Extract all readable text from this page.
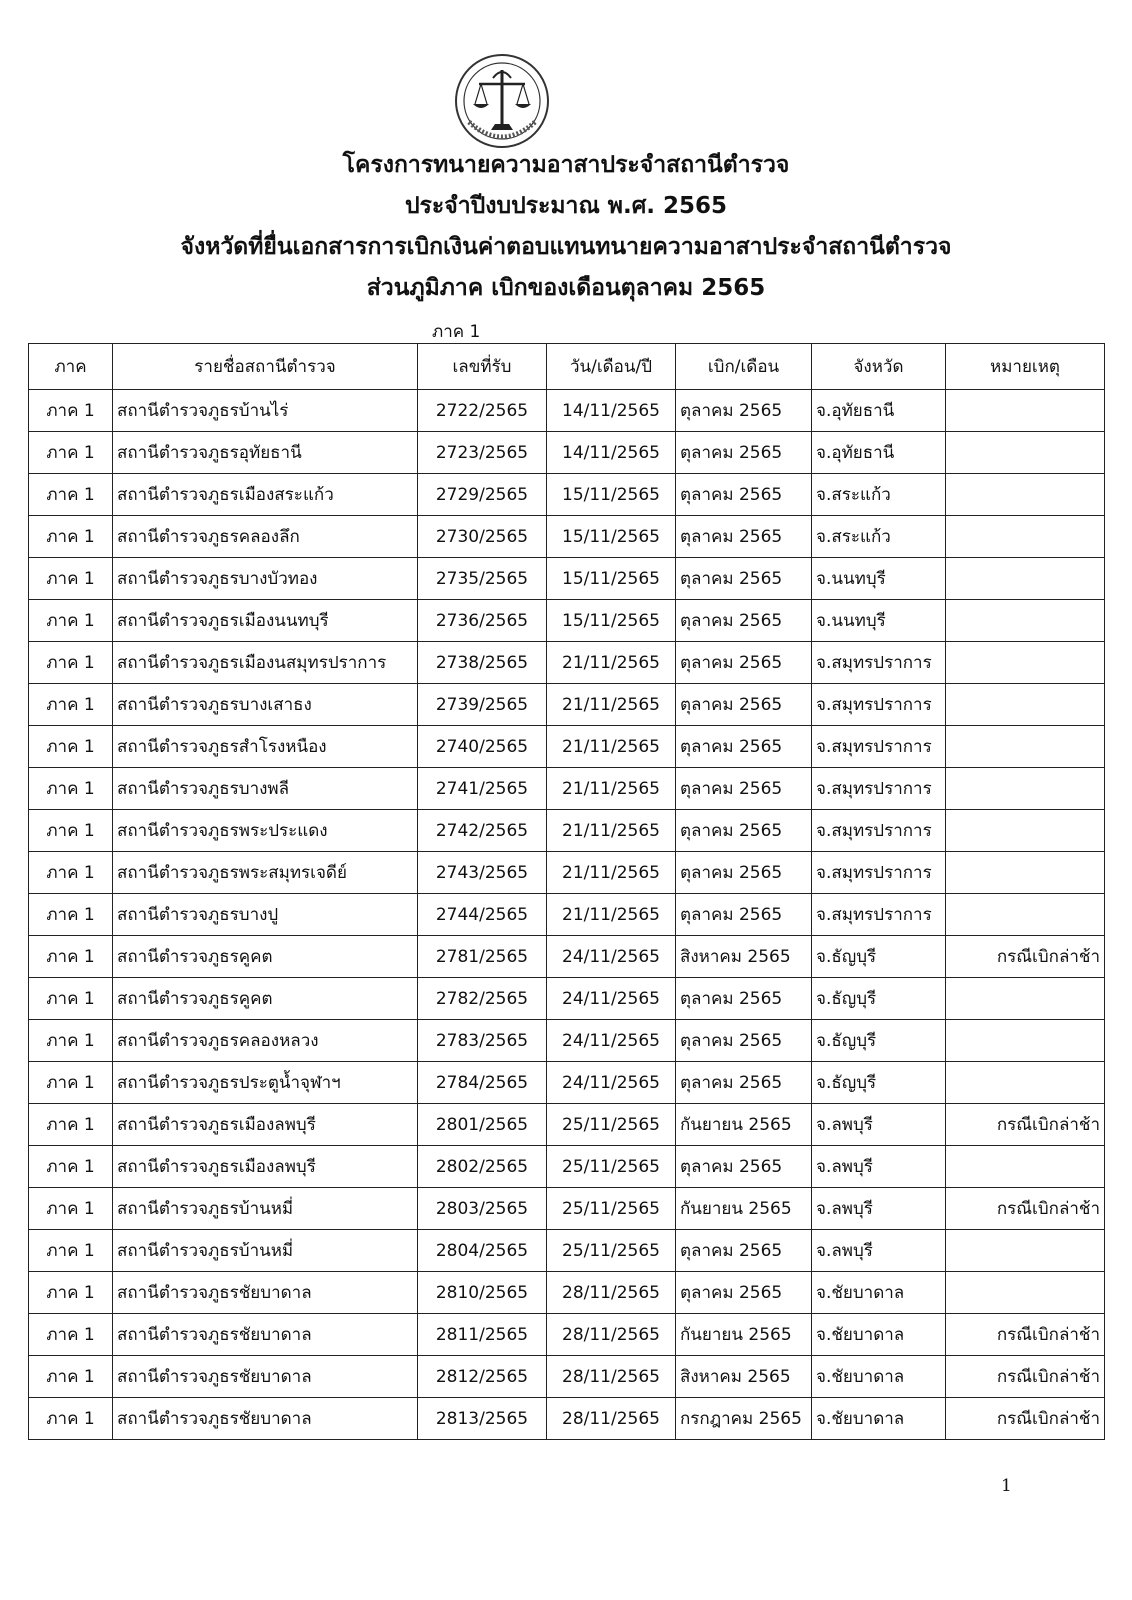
โครงการทนายความอาสาประจำสถานีตำรวจ
ประจำปีงบประมาณ พ.ศ. 2565
จังหวัดที่ยื่นเอกสารการเบิกเงินค่าตอบแทนทนายความอาสาประจำสถานีตำรวจ
ส่วนภูมิภาค เบิกของเดือนตุลาคม 2565
ภาค 1
ภาค	รายชื่อสถานีตำรวจ	เลขที่รับ	วัน/เดือน/ปี	เบิก/เดือน	จังหวัด	หมายเหตุ
ภาค 1	สถานีตำรวจภูธรบ้านไร่	2722/2565	14/11/2565	ตุลาคม 2565	จ.อุทัยธานี	
ภาค 1	สถานีตำรวจภูธรอุทัยธานี	2723/2565	14/11/2565	ตุลาคม 2565	จ.อุทัยธานี	
ภาค 1	สถานีตำรวจภูธรเมืองสระแก้ว	2729/2565	15/11/2565	ตุลาคม 2565	จ.สระแก้ว	
ภาค 1	สถานีตำรวจภูธรคลองลึก	2730/2565	15/11/2565	ตุลาคม 2565	จ.สระแก้ว	
ภาค 1	สถานีตำรวจภูธรบางบัวทอง	2735/2565	15/11/2565	ตุลาคม 2565	จ.นนทบุรี	
ภาค 1	สถานีตำรวจภูธรเมืองนนทบุรี	2736/2565	15/11/2565	ตุลาคม 2565	จ.นนทบุรี	
ภาค 1	สถานีตำรวจภูธรเมืองนสมุทรปราการ	2738/2565	21/11/2565	ตุลาคม 2565	จ.สมุทรปราการ	
ภาค 1	สถานีตำรวจภูธรบางเสาธง	2739/2565	21/11/2565	ตุลาคม 2565	จ.สมุทรปราการ	
ภาค 1	สถานีตำรวจภูธรสำโรงหนือง	2740/2565	21/11/2565	ตุลาคม 2565	จ.สมุทรปราการ	
ภาค 1	สถานีตำรวจภูธรบางพลี	2741/2565	21/11/2565	ตุลาคม 2565	จ.สมุทรปราการ	
ภาค 1	สถานีตำรวจภูธรพระประแดง	2742/2565	21/11/2565	ตุลาคม 2565	จ.สมุทรปราการ	
ภาค 1	สถานีตำรวจภูธรพระสมุทรเจดีย์	2743/2565	21/11/2565	ตุลาคม 2565	จ.สมุทรปราการ	
ภาค 1	สถานีตำรวจภูธรบางปู	2744/2565	21/11/2565	ตุลาคม 2565	จ.สมุทรปราการ	
ภาค 1	สถานีตำรวจภูธรคูคต	2781/2565	24/11/2565	สิงหาคม 2565	จ.ธัญบุรี	กรณีเบิกล่าช้า
ภาค 1	สถานีตำรวจภูธรคูคต	2782/2565	24/11/2565	ตุลาคม 2565	จ.ธัญบุรี	
ภาค 1	สถานีตำรวจภูธรคลองหลวง	2783/2565	24/11/2565	ตุลาคม 2565	จ.ธัญบุรี	
ภาค 1	สถานีตำรวจภูธรประตูน้ำจุฬาฯ	2784/2565	24/11/2565	ตุลาคม 2565	จ.ธัญบุรี	
ภาค 1	สถานีตำรวจภูธรเมืองลพบุรี	2801/2565	25/11/2565	กันยายน 2565	จ.ลพบุรี	กรณีเบิกล่าช้า
ภาค 1	สถานีตำรวจภูธรเมืองลพบุรี	2802/2565	25/11/2565	ตุลาคม 2565	จ.ลพบุรี	
ภาค 1	สถานีตำรวจภูธรบ้านหมี่	2803/2565	25/11/2565	กันยายน 2565	จ.ลพบุรี	กรณีเบิกล่าช้า
ภาค 1	สถานีตำรวจภูธรบ้านหมี่	2804/2565	25/11/2565	ตุลาคม 2565	จ.ลพบุรี	
ภาค 1	สถานีตำรวจภูธรชัยบาดาล	2810/2565	28/11/2565	ตุลาคม 2565	จ.ชัยบาดาล	
ภาค 1	สถานีตำรวจภูธรชัยบาดาล	2811/2565	28/11/2565	กันยายน 2565	จ.ชัยบาดาล	กรณีเบิกล่าช้า
ภาค 1	สถานีตำรวจภูธรชัยบาดาล	2812/2565	28/11/2565	สิงหาคม 2565	จ.ชัยบาดาล	กรณีเบิกล่าช้า
ภาค 1	สถานีตำรวจภูธรชัยบาดาล	2813/2565	28/11/2565	กรกฎาคม 2565	จ.ชัยบาดาล	กรณีเบิกล่าช้า
1
